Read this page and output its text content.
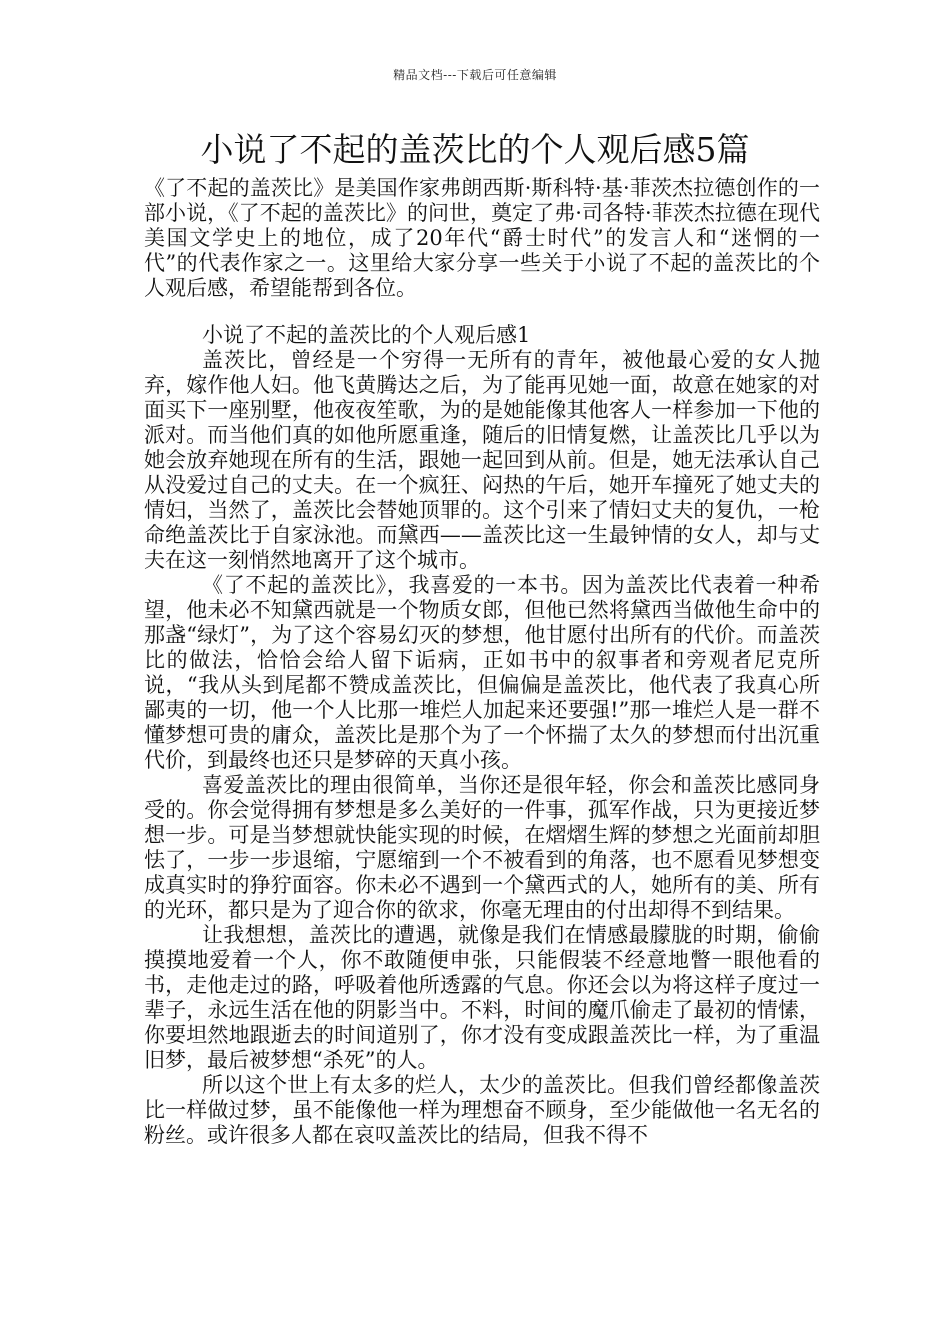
精品文档---下载后可任意编辑
小说了不起的盖茨比的个人观后感5篇

《了不起的盖茨比》是美国作家弗朗西斯·斯科特·基·菲茨杰拉德创作的一部小说，《了不起的盖茨比》的问世，奠定了弗·司各特·菲茨杰拉德在现代美国文学史上的地位，成了20年代“爵士时代”的发言人和“迷惘的一代”的代表作家之一。这里给大家分享一些关于小说了不起的盖茨比的个人观后感，希望能帮到各位。

小说了不起的盖茨比的个人观后感1

盖茨比，曾经是一个穷得一无所有的青年，被他最心爱的女人抛弃，嫁作他人妇。他飞黄腾达之后，为了能再见她一面，故意在她家的对面买下一座别墅，他夜夜笙歌，为的是她能像其他客人一样参加一下他的派对。而当他们真的如他所愿重逢，随后的旧情复燃，让盖茨比几乎以为她会放弃她现在所有的生活，跟她一起回到从前。但是，她无法承认自己从没爱过自己的丈夫。在一个疯狂、闷热的午后，她开车撞死了她丈夫的情妇，当然了，盖茨比会替她顶罪的。这个引来了情妇丈夫的复仇，一枪命绝盖茨比于自家泳池。而黛西——盖茨比这一生最钟情的女人，却与丈夫在这一刻悄然地离开了这个城市。

《了不起的盖茨比》，我喜爱的一本书。因为盖茨比代表着一种希望，他未必不知黛西就是一个物质女郎，但他已然将黛西当做他生命中的那盏“绿灯”，为了这个容易幻灭的梦想，他甘愿付出所有的代价。而盖茨比的做法，恰恰会给人留下诟病，正如书中的叙事者和旁观者尼克所说，“我从头到尾都不赞成盖茨比，但偏偏是盖茨比，他代表了我真心所鄙夷的一切，他一个人比那一堆烂人加起来还要强!”那一堆烂人是一群不懂梦想可贵的庸众，盖茨比是那个为了一个怀揣了太久的梦想而付出沉重代价，到最终也还只是梦碎的天真小孩。

喜爱盖茨比的理由很简单，当你还是很年轻，你会和盖茨比感同身受的。你会觉得拥有梦想是多么美好的一件事，孤军作战，只为更接近梦想一步。可是当梦想就快能实现的时候，在熠熠生辉的梦想之光面前却胆怯了，一步一步退缩，宁愿缩到一个不被看到的角落，也不愿看见梦想变成真实时的狰狞面容。你未必不遇到一个黛西式的人，她所有的美、所有的光环，都只是为了迎合你的欲求，你毫无理由的付出却得不到结果。

让我想想，盖茨比的遭遇，就像是我们在情感最朦胧的时期，偷偷摸摸地爱着一个人，你不敢随便申张，只能假装不经意地瞥一眼他看的书，走他走过的路，呼吸着他所透露的气息。你还会以为将这样子度过一辈子，永远生活在他的阴影当中。不料，时间的魔爪偷走了最初的情愫，你要坦然地跟逝去的时间道别了，你才没有变成跟盖茨比一样，为了重温旧梦，最后被梦想“杀死”的人。

所以这个世上有太多的烂人，太少的盖茨比。但我们曾经都像盖茨比一样做过梦，虽不能像他一样为理想奋不顾身，至少能做他一名无名的粉丝。或许很多人都在哀叹盖茨比的结局，但我不得不
